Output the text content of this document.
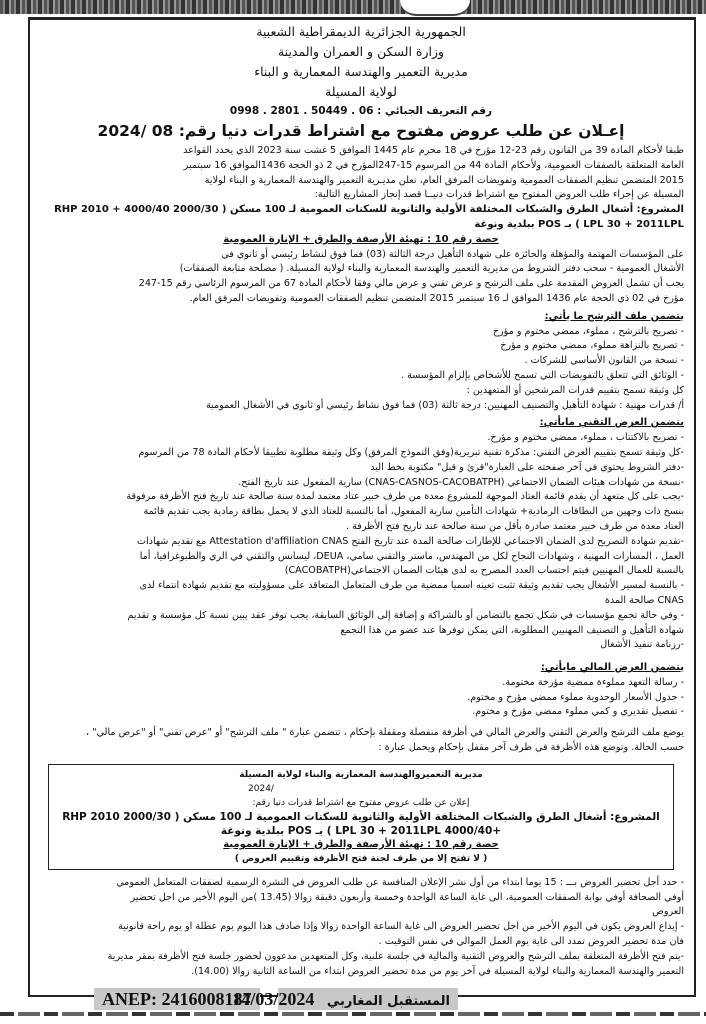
الجمهورية الجزائرية الديمقراطية الشعبية
وزارة السكن و العمران والمدينة
مديرية التعمير والهندسة المعمارية و البناء
لولاية المسيلة
رقم التعريف الجبائي : 06 . 50449 . 2801 . 0998
إعـلان عن طلب عروض مفتوح مع اشتراط قدرات دنيا رقم: 08 /2024

طبقا لأحكام المادة 39 من القانون رقم 23-12 مؤرخ في 18 محرم عام 1445 الموافق 5 غشت سنة 2023 الذي يحدد القواعد

العامة المتعلقة بالصفقات العمومية، ولأحكام المادة 44 من المرسوم 15-247المؤرخ في 2 ذو الحجة 1436الموافق 16 سبتمبر

2015 المتضمن تنظيم الصفقات العمومية وتفويضات المرفق العام، تعلن مديـرية التعمير والهندسة المعمارية و البناء لولاية

المسيلة عن إجراء طلب العروض المفتوح مع اشتراط قدرات دنيــا قصد إنجاز المشاريع التالية:

المشروع: أشغال الطرق والشبكات المختلفة الأولية والثانوية للسكنات العمومية لـ 100 مسكن ( 2000/30 RHP 2010 + 4000/40

LPL 30 + 2011LPL ) بـ POS ببلدية ونوغة

حصة رقم 10 : تهيئة الأرصفة والطرق + الإنارة العمومية

على المؤسسات المهتمة والمؤهلة والحائزة على شهادة التأهيل درجة الثالثة (03) فما فوق لنشاط رئيسي أو ثانوي في

الأشغال العمومية - سحب دفتر الشروط من مديرية التعمير والهندسة المعمارية والبناء لولاية المسيلة. ( مصلحة متابعة الصفقات)

يجب أن تشمل العروض المقدمة على ملف الترشح و عرض تقني و عرض مالي وفقا لأحكام المادة 67 من المرسوم الرئاسي رقم 15-247

مؤرخ في 02 ذي الحجة عام 1436 الموافق لـ 16 سبتمبر 2015 المتضمن تنظيم الصفقات العمومية وتفويضات المرفق العام.

يتضمن ملف الترشح ما يأتي:

- تصريح بالترشح ، مملوء، ممضي مختوم و مؤرخ

- تصريح بالنزاهة مملوء، ممضي مختوم و مؤرخ

- نسخة من القانون الأساسي للشركات .

- الوثائق التي تتعلق بالتفويضات التي تسمح للأشخاص بإلزام المؤسسة .

كل وثيقة تسمح بتقييم قدرات المرشحين أو المتعهدين :

أ/ قدرات مهنية : شهادة التأهيل والتصنيف المهنيين: درجة ثالثة (03) فما فوق نشاط رئيسي أو ثانوي في الأشغال العمومية

يتضمن العرض التقني مايأتي:

- تصريح بالاكتتاب ، مملوء، ممضي مختوم و مؤرخ.

-كل وثيقة تسمح بتقييم العرض التقني: مذكرة تقنية تبريرية(وفق النموذج المرفق) وكل وثيقة مطلوبة تطبيقا لأحكام المادة 78 من المرسوم

-دفتر الشروط يحتوي في آخر صفحته على العبارة"قرئ و قبل" مكتوبة بخط اليد

-نسخة من شهادات هيئات الضمان الاجتماعي (CNAS-CASNOS-CACOBATPH) سارية المفعول عند تاريخ الفتح.

-يجب على كل متعهد أن يقدم قائمة العتاد الموجهة للمشروع معدة من طرف خبير عتاد معتمد لمدة سنة صالحة عند تاريخ فتح الأظرفة مرفوقة

بنسخ ذات وجهين من البطاقات الرمادية+ شهادات التأمين سارية المفعول، أما بالنسبة للعتاد الذي لا يحمل بطاقة رمادية يجب تقديم قائمة

العتاد معدة من طرف خبير معتمد صادرة بأقل من سنة صالحة عند تاريخ فتح الأظرفة .

-تقديم شهادة التصريح لدى الضمان الاجتماعي للإطارات صالحة المدة عند تاريخ الفتح Attestation d'affiliation CNAS مع تقديم شهادات

العمل ، المسارات المهنية ، وشهادات النجاح لكل من المهندس، ماستر والتقني سامي، DEUA، ليسانس والتقني في الري والطبوغرافيا، أما

بالنسبة للعمال المهنيين فيتم احتساب العدد المصرح به لدى هيئات الضمان الاجتماعي(CACOBATPH)

- بالنسبة لمسير الأشغال يجب تقديم وثيقة تثبت تعينه اسميا ممضية من طرف المتعامل المتعاقد على مسؤوليته مع تقديم شهادة انتماء لدى

CNAS صالحة المدة

- وفي حالة تجمع مؤسسات في شكل تجمع بالتضامن أو بالشراكة و إضافة إلى الوثائق السابقة، يجب توفر عقد يبين نسبة كل مؤسسة و تقديم

شهادة التأهيل و التصنيف المهنيين المطلوبة، التي يمكن توفرها عند عضو من هذا التجمع

-رزنامة تنفيذ الأشغال

يتضمن العرض المالي مايأتي:

- رسالة التعهد مملوءة ممضية مؤرخة مختومة.

- جدول الأسعار الوحدوية مملوء ممضي مؤرخ و مختوم.

- تفصيل تقديري و كمي مملوء ممضي مؤرخ و مختوم.

يوضع ملف الترشح والعرض التقني والعرض المالي في أظرفة منفصلة ومقفلة بإحكام ، تتضمن عبارة " ملف الترشح" أو "عرض تقني" أو "عرض مالي" ،

حسب الحالة. وتوضع هذه الأظرفة في ظرف آخر مقفل بإحكام ويحمل عبارة :

مديرية التعميروالهندسة المعمارية والبناء لولاية المسيلة

/2024

إعلان عن طلب عروض مفتوح مع اشتراط قدرات دنيا رقم:

المشروع: أشغال الطرق والشبكات المختلفة الأولية والثانوية للسكنات العمومية لـ 100 مسكن ( 2000/30 RHP 2010

+4000/40 LPL 30 + 2011LPL ) بـ POS ببلدية ونوغة

حصة رقم 10 : تهيئة الأرصفة والطرق + الإنارة العمومية

( لا تفتح إلا من طرف لجنة فتح الأظرفة وتقييم العروض )

- حدد أجل تحضير العروض بـــ : 15 يوما ابتداء من أول نشر الإعلان المنافسة عن طلب العروض في النشرة الرسمية لصفقات المتعامل العمومي

أوفي الصحافة أوفي بوابة الصفقات العمومية، الى غاية الساعة الواحدة وخمسة وأربعون دقيقة زوالا (13.45 )من اليوم الأخير من اجل تحضير

العروض

- إيداع العروض يكون في اليوم الأخير من اجل تحضير العروض الى غاية الساعة الواحدة زوالا وإذا صادف هذا اليوم يوم عطلة او يوم راحة قانونية

فان مدة تحضير العروض تمدد الى غاية يوم العمل الموالي في نفس التوقيت .

-يتم فتح الأظرفة المتعلقة بملف الترشح والعروض التقنية والمالية في جلسة علنية، وكل المتعهدين مدعوون لحضور جلسة فتح الأظرفة بمقر مديرية

التعمير والهندسة المعمارية والبناء لولاية المسيلة في آخر يوم من مدة تحضير العروض ابتداء من الساعة الثانية زوالا (14.00).

ANEP: 2416008187	المستقبل المغاربي 14/03/2024
